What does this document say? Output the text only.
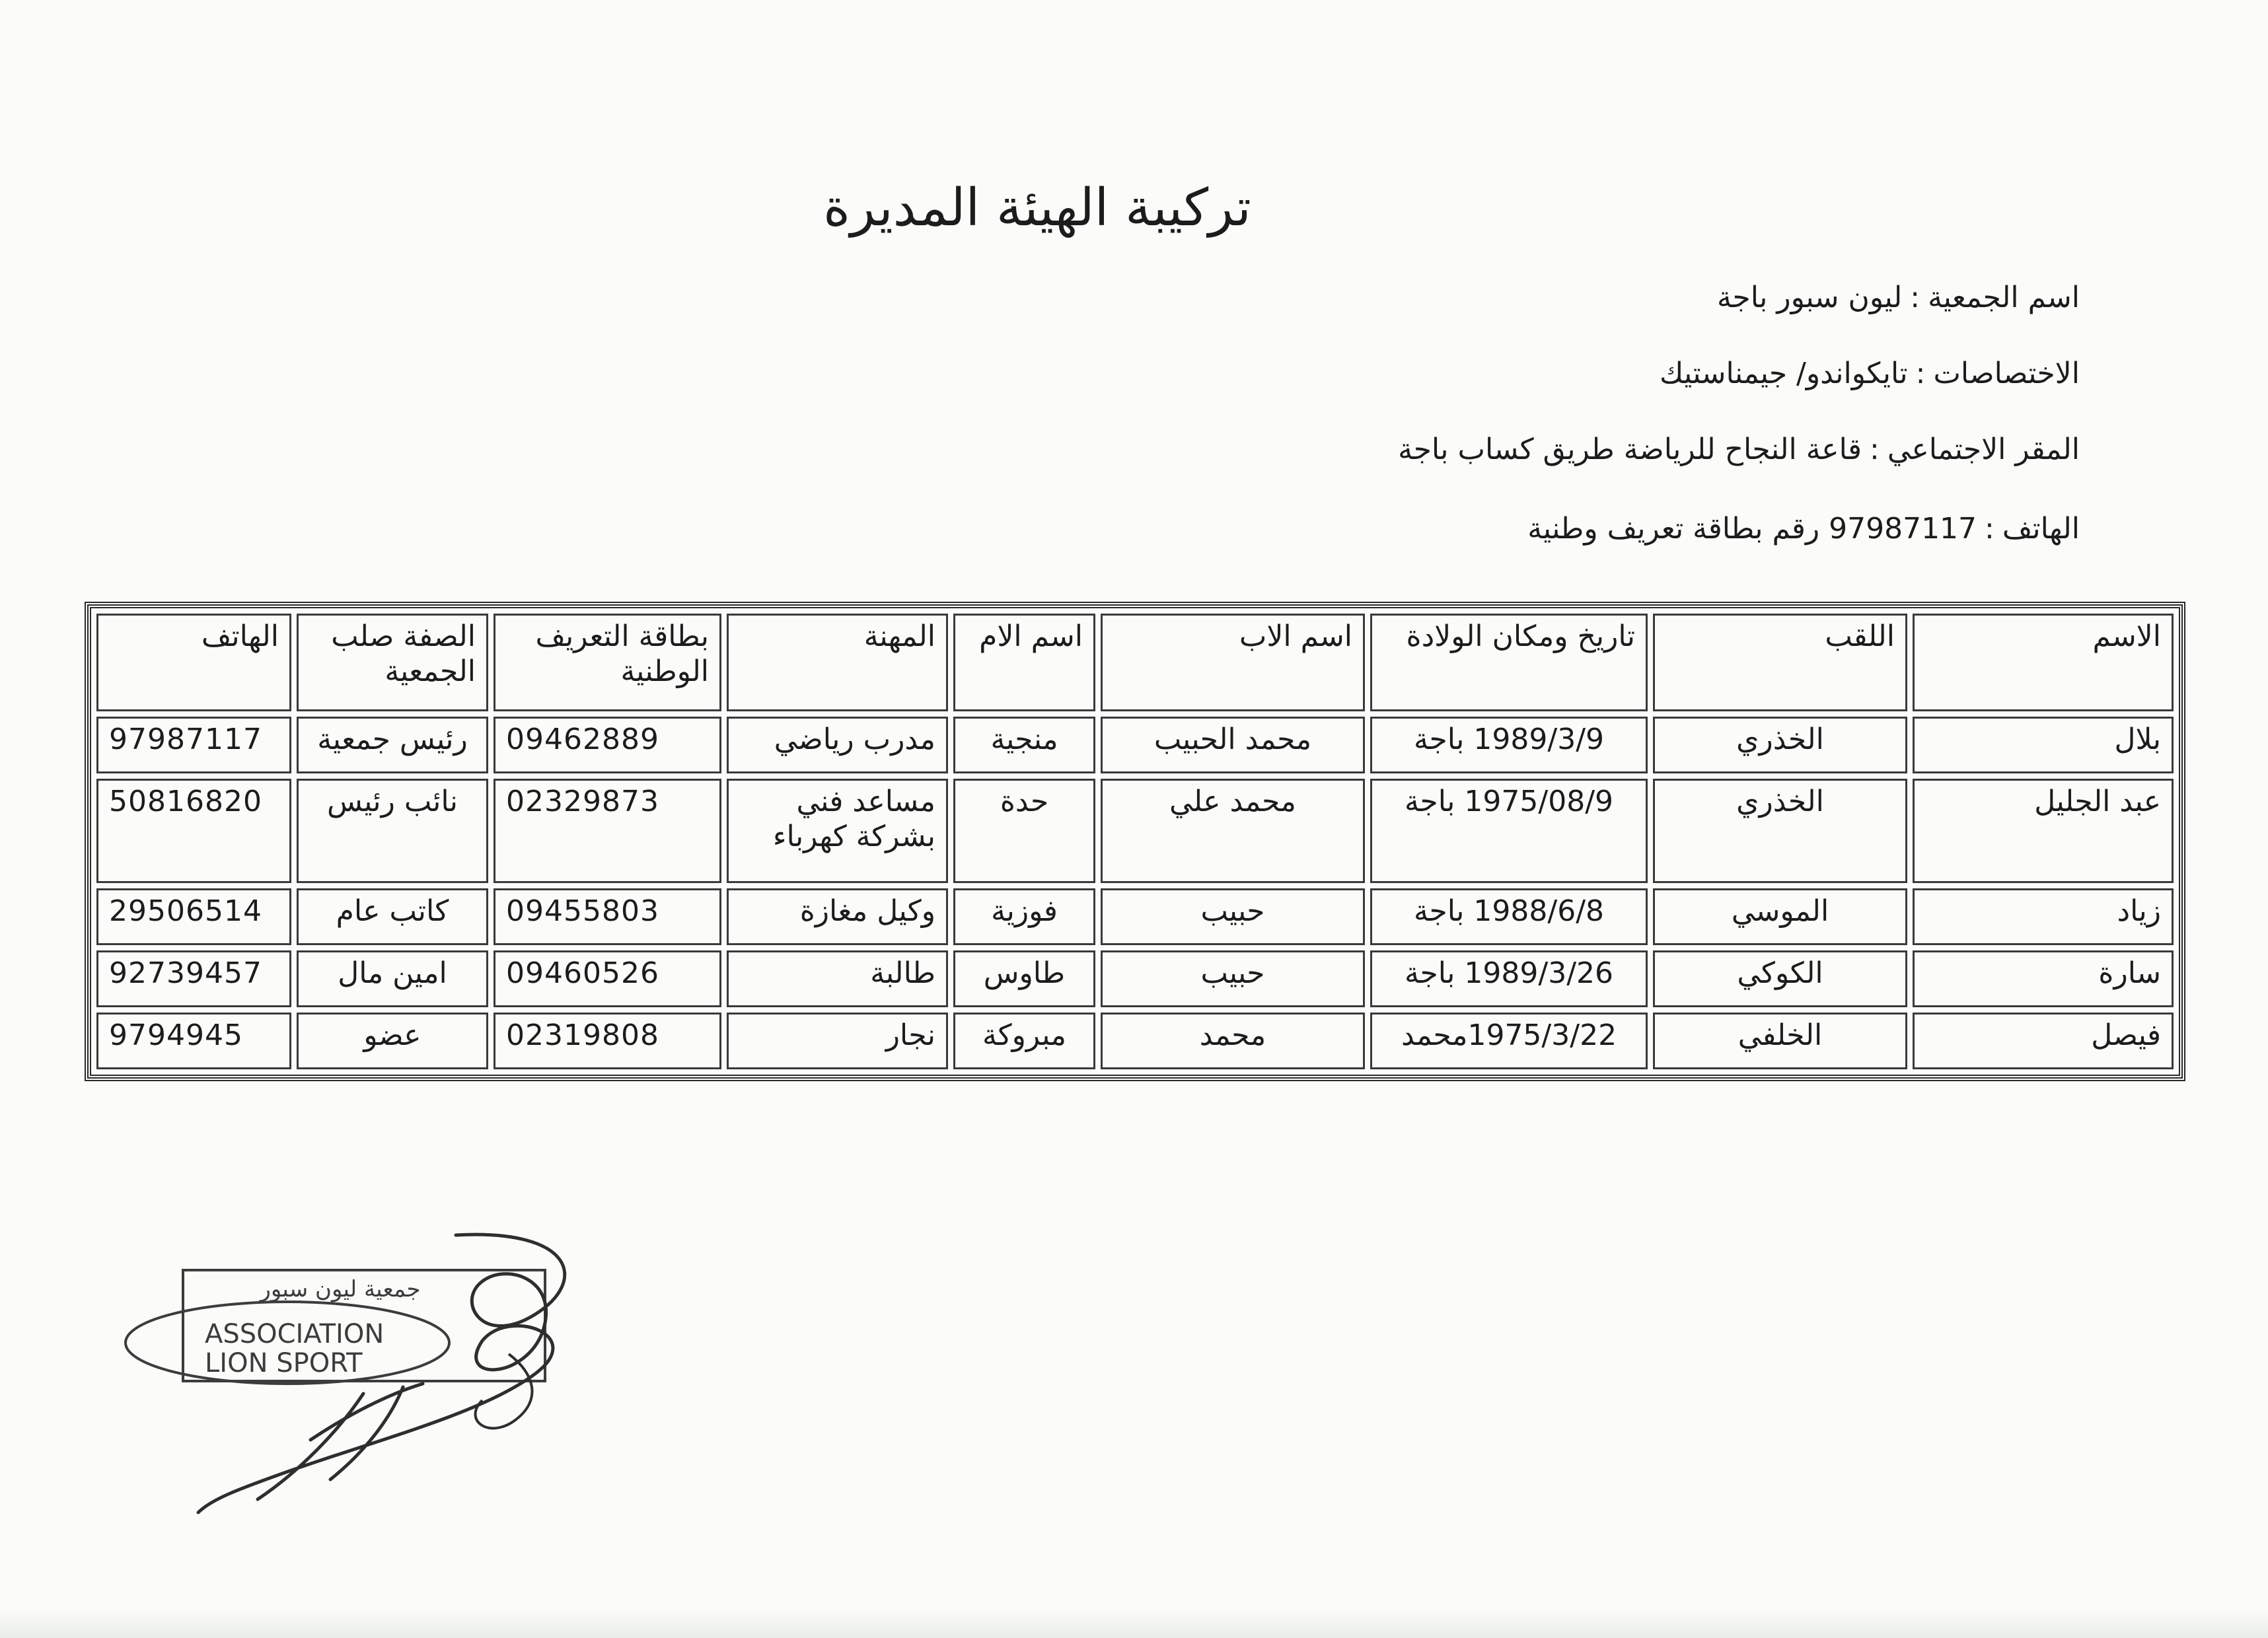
تركيبة الهيئة المديرة
اسم الجمعية:ليون سبور باجة
الاختصاصات:تايكواندو/ جيمناستيك
المقر الاجتماعي:قاعة النجاح للرياضة طريق كساب باجة
الهاتف:97987117 رقم بطاقة تعريف وطنية
الاسم	اللقب	تاريخ ومكان الولادة	اسم الاب	اسم الام	المهنة	بطاقة التعريف الوطنية	الصفة صلب الجمعية	الهاتف
بلال	الخذري	1989/3/9 باجة	محمد الحبيب	منجية	مدرب رياضي	09462889	رئيس جمعية	97987117
عبد الجليل	الخذري	1975/08/9 باجة	محمد علي	حدة	مساعد فني بشركة كهرباء	02329873	نائب رئيس	50816820
زياد	الموسي	1988/6/8 باجة	حبيب	فوزية	وكيل مغازة	09455803	كاتب عام	29506514
سارة	الكوكي	1989/3/26 باجة	حبيب	طاوس	طالبة	09460526	امين مال	92739457
فيصل	الخلفي	1975/3/22محمد	محمد	مبروكة	نجار	02319808	عضو	9794945
جمعية ليون سبور
ASSOCIATION
LION SPORT
